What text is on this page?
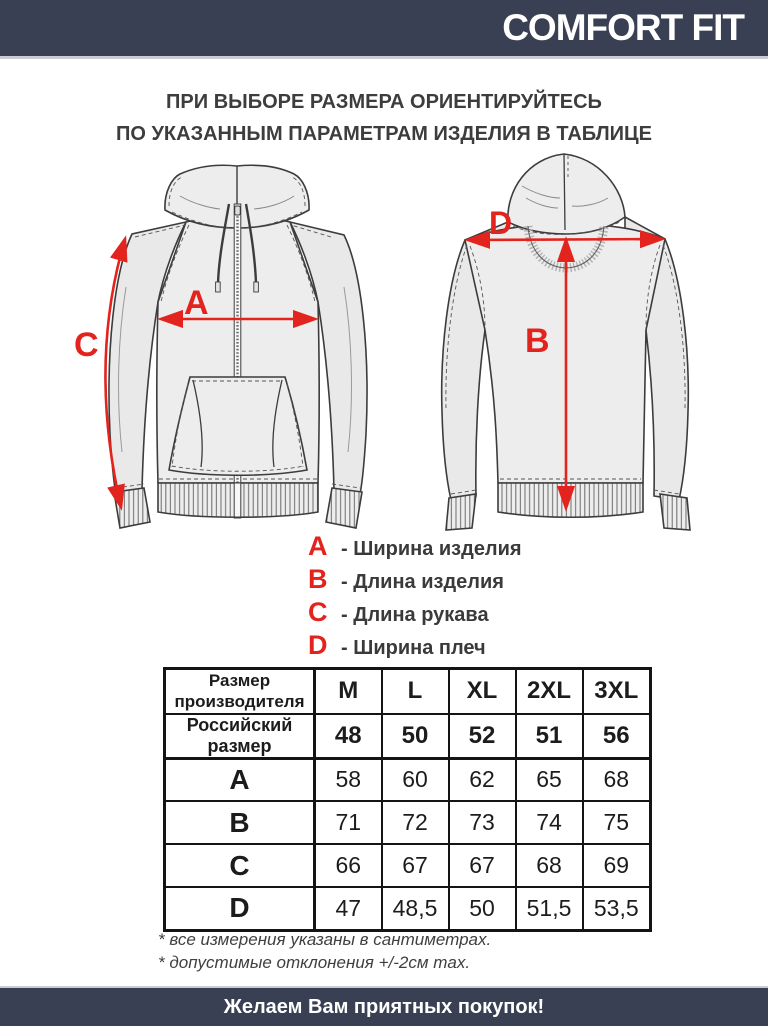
COMFORT FIT
ПРИ ВЫБОРЕ РАЗМЕРА ОРИЕНТИРУЙТЕСЬ
ПО УКАЗАННЫМ ПАРАМЕТРАМ ИЗДЕЛИЯ В ТАБЛИЦЕ
A
C
D
B
A - Ширина изделия
B - Длина изделия
C - Длина рукава
D - Ширина плеч
Размер производителя	M	L	XL	2XL	3XL
Российский размер	48	50	52	51	56
A	58	60	62	65	68
B	71	72	73	74	75
C	66	67	67	68	69
D	47	48,5	50	51,5	53,5
* все измерения указаны в сантиметрах.
* допустимые отклонения +/-2см max.
Желаем Вам приятных покупок!
